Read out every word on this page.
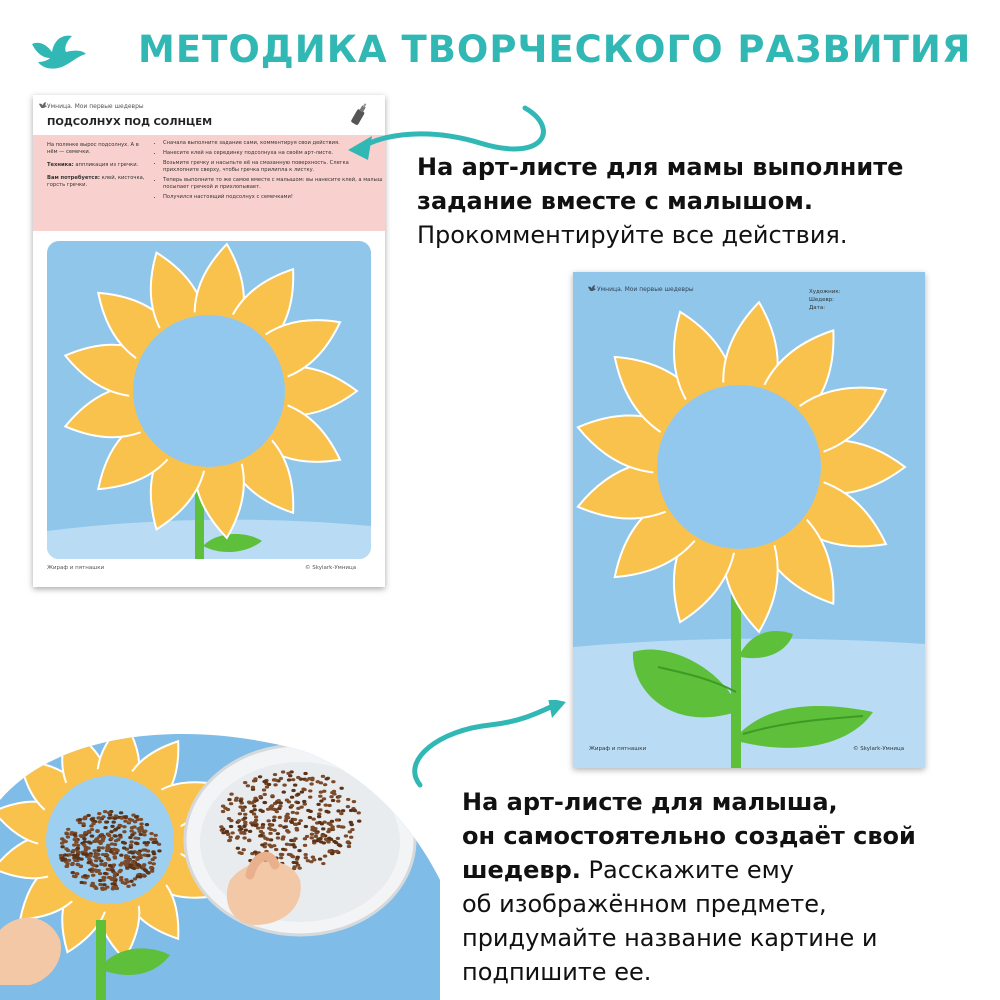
МЕТОДИКА ТВОРЧЕСКОГО РАЗВИТИЯ
Умница. Мои первые шедевры
ПОДСОЛНУХ ПОД СОЛНЦЕМ

На полянке вырос подсолнух. А в нём — семечки.

Техника: аппликация из гречки.

Вам потребуется: клей, кисточка, горсть гречки.

• Сначала выполните задание сами, комментируя свои действия.
• Нанесите клей на серединку подсолнуха на своём арт-листе.
• Возьмите гречку и насыпьте её на смазанную поверхность. Слегка прихлопните сверху, чтобы гречка прилипла к листку.
• Теперь выполните то же самое вместе с малышом: вы нанесите клей, а малыш посыпает гречкой и прихлопывает.
• Получился настоящий подсолнух с семечками!
Жираф и пятнашки	© Skylark-Умница
Умница. Мои первые шедевры	Художник:
Шедевр:
Дата:
Жираф и пятнашки	© Skylark-Умница
На арт-листе для мамы выполните
задание вместе с малышом.
Прокомментируйте все действия.
На арт-листе для малыша,
он самостоятельно создаёт свой
шедевр. Расскажите ему
об изображённом предмете,
придумайте название картине и
подпишите ее.
